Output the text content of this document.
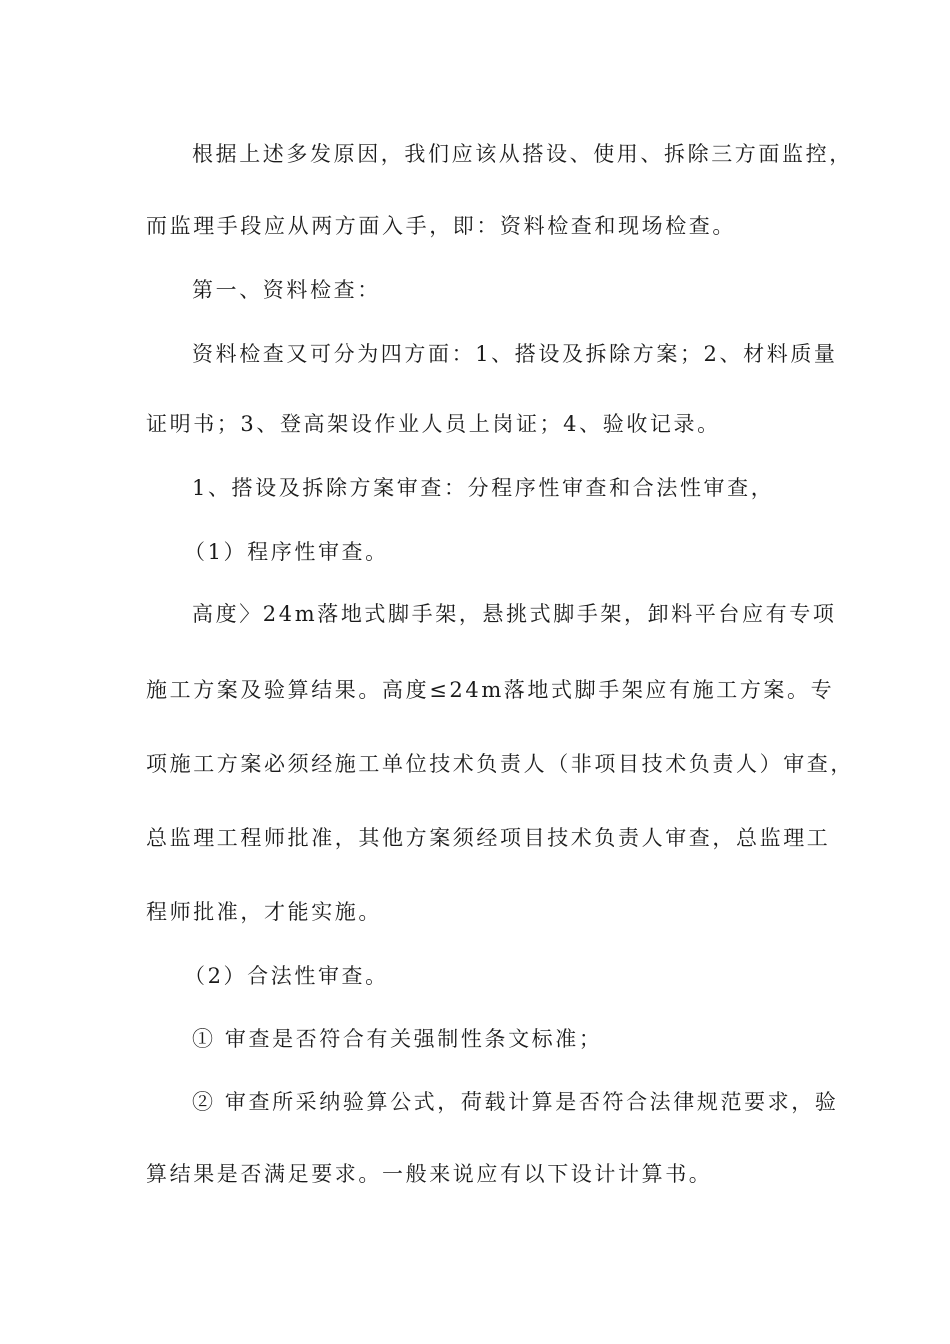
根据上述多发原因，我们应该从搭设、使用、拆除三方面监控，
而监理手段应从两方面入手，即：资料检查和现场检查。
第一、资料检查：
资料检查又可分为四方面：1、搭设及拆除方案；2、材料质量
证明书；3、登高架设作业人员上岗证；4、验收记录。
1、搭设及拆除方案审查：分程序性审查和合法性审查，
（1）程序性审查。
高度〉24m落地式脚手架，悬挑式脚手架，卸料平台应有专项
施工方案及验算结果。高度≤24m落地式脚手架应有施工方案。专
项施工方案必须经施工单位技术负责人（非项目技术负责人）审查，
总监理工程师批准，其他方案须经项目技术负责人审查，总监理工
程师批准，才能实施。
（2）合法性审查。
① 审查是否符合有关强制性条文标准；
② 审查所采纳验算公式，荷载计算是否符合法律规范要求，验
算结果是否满足要求。一般来说应有以下设计计算书。
